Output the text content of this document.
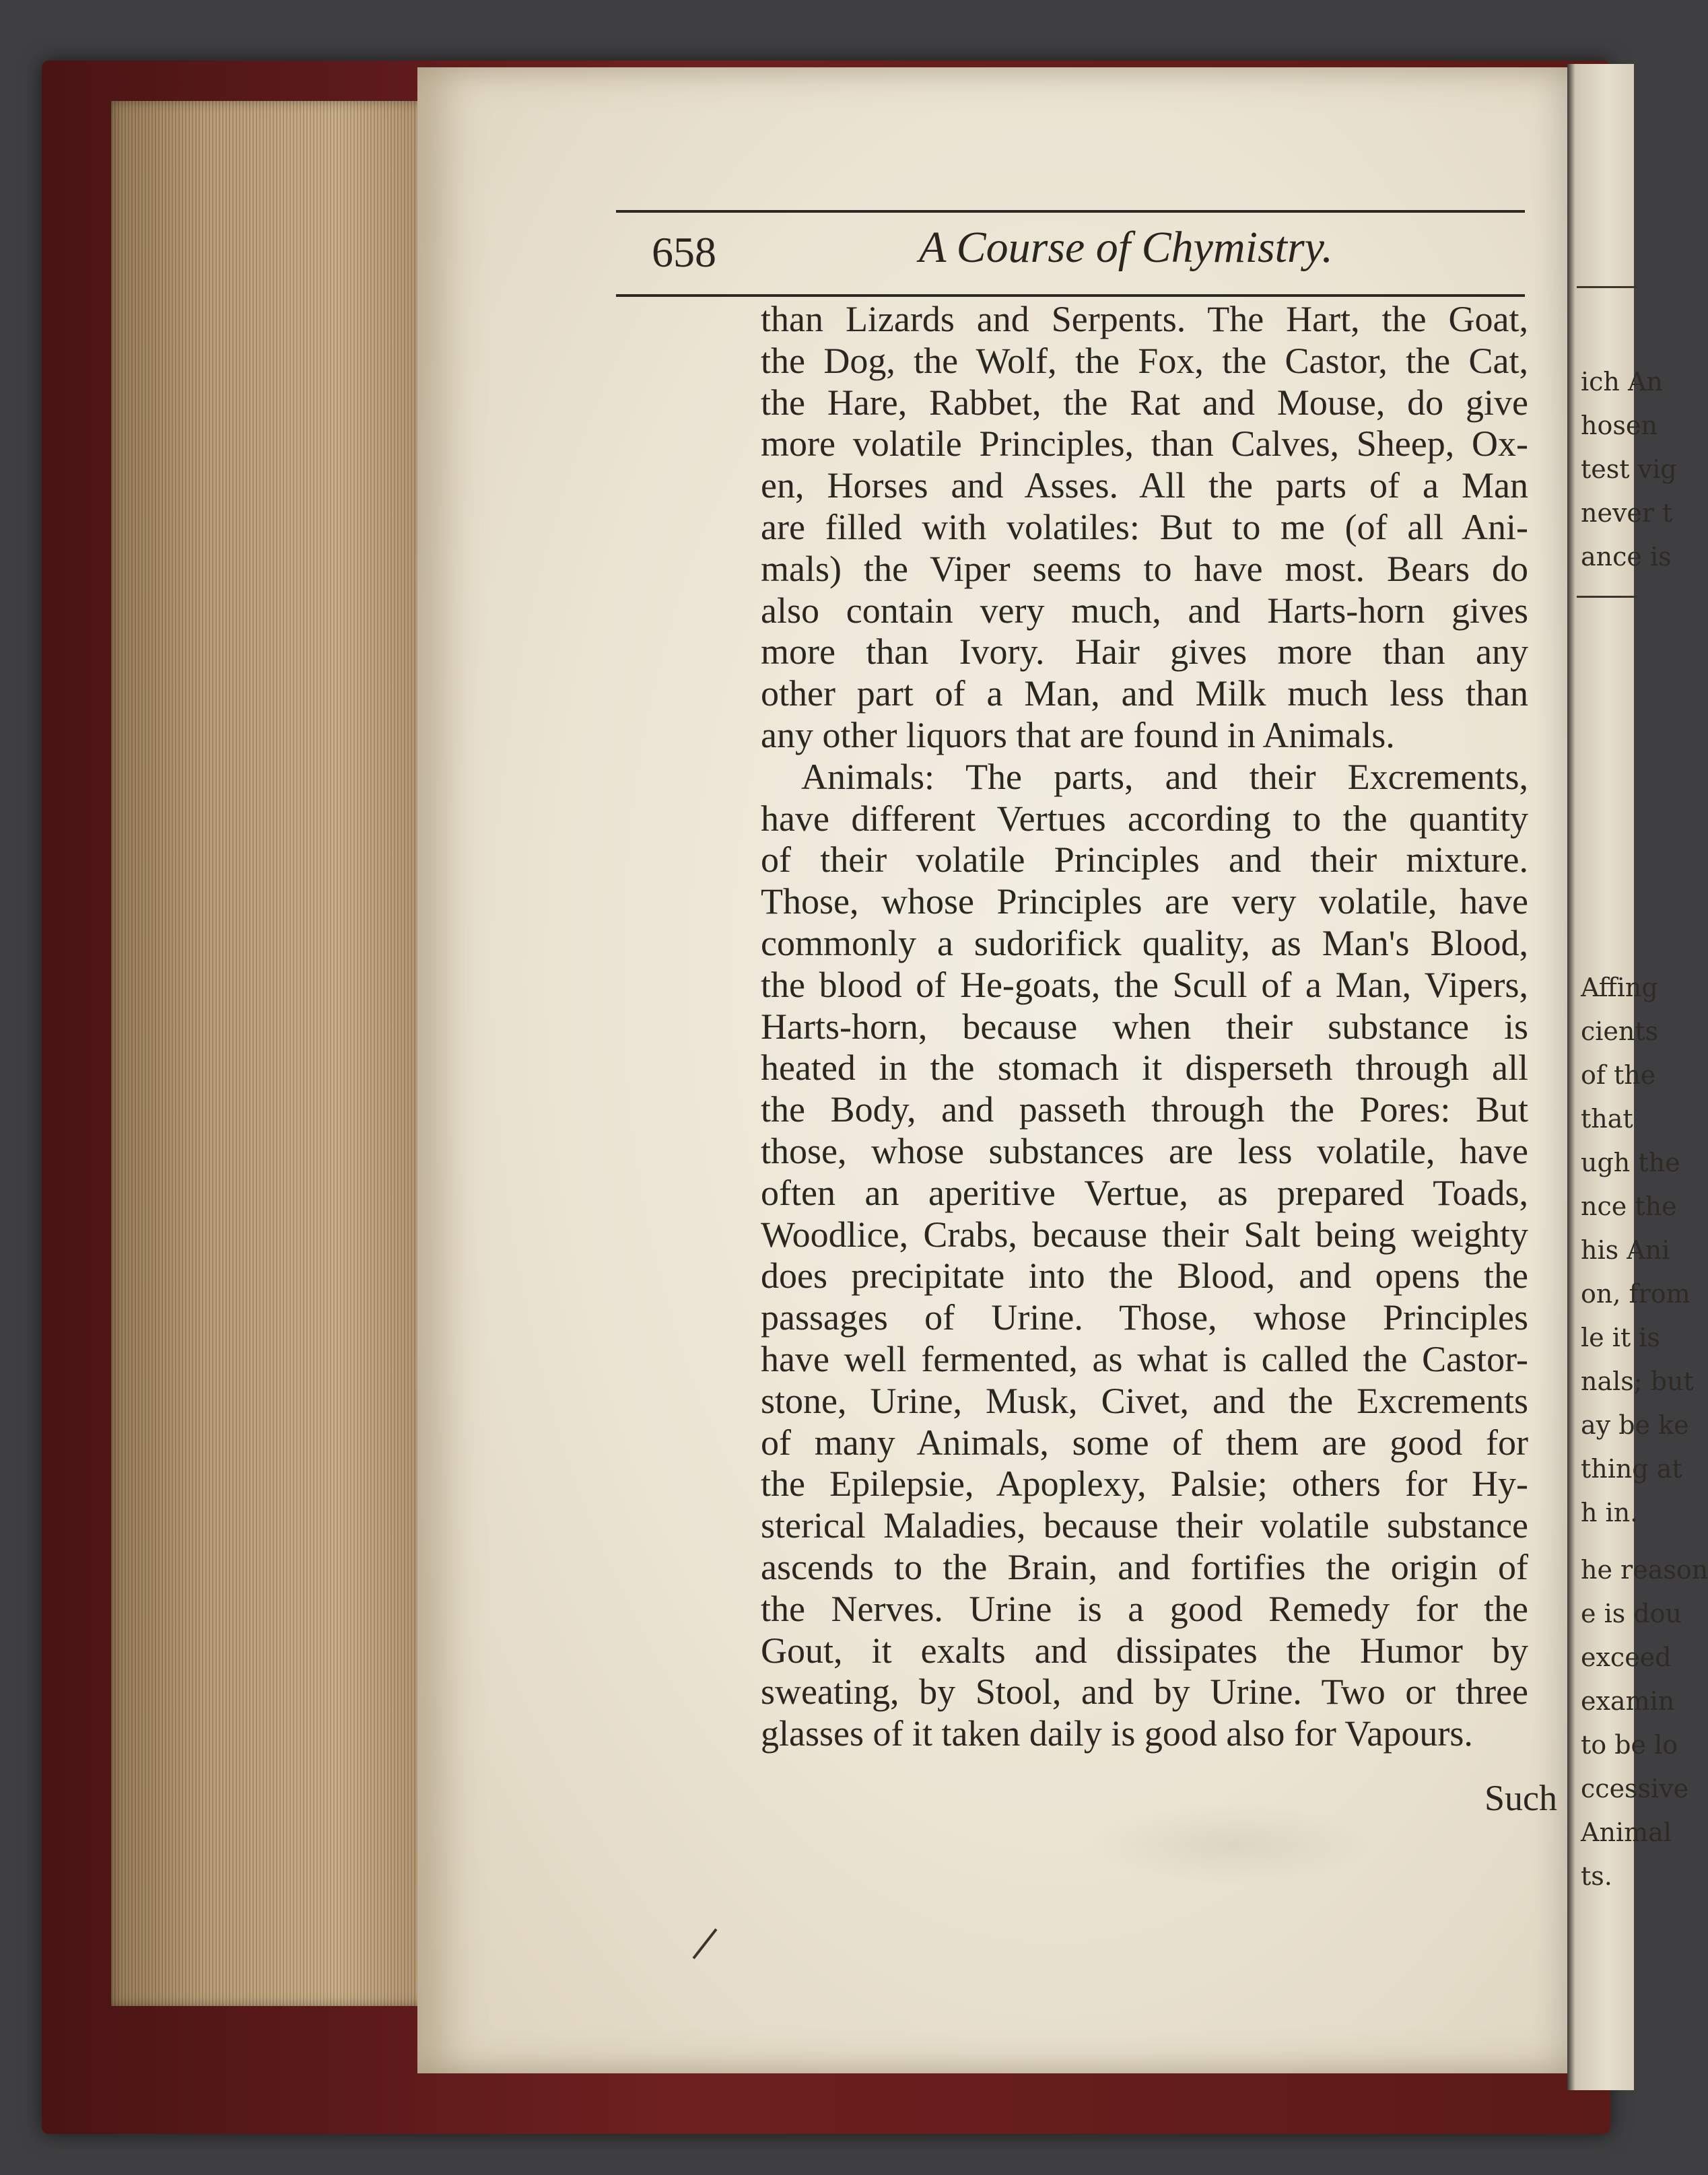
658	A Course of Chymistry.

than Lizards and Serpents. The Hart, the Goat,
the Dog, the Wolf, the Fox, the Castor, the Cat,
the Hare, Rabbet, the Rat and Mouse, do give
more volatile Principles, than Calves, Sheep, Ox-
en, Horses and Asses. All the parts of a Man
are filled with volatiles: But to me (of all Ani-
mals) the Viper seems to have most. Bears do
also contain very much, and Harts-horn gives
more than Ivory. Hair gives more than any
other part of a Man, and Milk much less than
any other liquors that are found in Animals.
Animals: The parts, and their Excrements,
have different Vertues according to the quantity
of their volatile Principles and their mixture.
Those, whose Principles are very volatile, have
commonly a sudorifick quality, as Man's Blood,
the blood of He-goats, the Scull of a Man, Vipers,
Harts-horn, because when their substance is
heated in the stomach it disperseth through all
the Body, and passeth through the Pores: But
those, whose substances are less volatile, have
often an aperitive Vertue, as prepared Toads,
Woodlice, Crabs, because their Salt being weighty
does precipitate into the Blood, and opens the
passages of Urine. Those, whose Principles
have well fermented, as what is called the Castor-
stone, Urine, Musk, Civet, and the Excrements
of many Animals, some of them are good for
the Epilepsie, Apoplexy, Palsie; others for Hy-
sterical Maladies, because their volatile substance
ascends to the Brain, and fortifies the origin of
the Nerves. Urine is a good Remedy for the
Gout, it exalts and dissipates the Humor by
sweating, by Stool, and by Urine. Two or three
glasses of it taken daily is good also for Vapours.

Such

ich An

hosen

test vig

never t

ance is

Affing

cients

of the

that

ugh the

nce the

his Ani

on, from

le it is

nals; but

ay be ke

thing at

h in.

he reason

e is dou

exceed

examin

to be lo

ccessive

Animal

ts.
